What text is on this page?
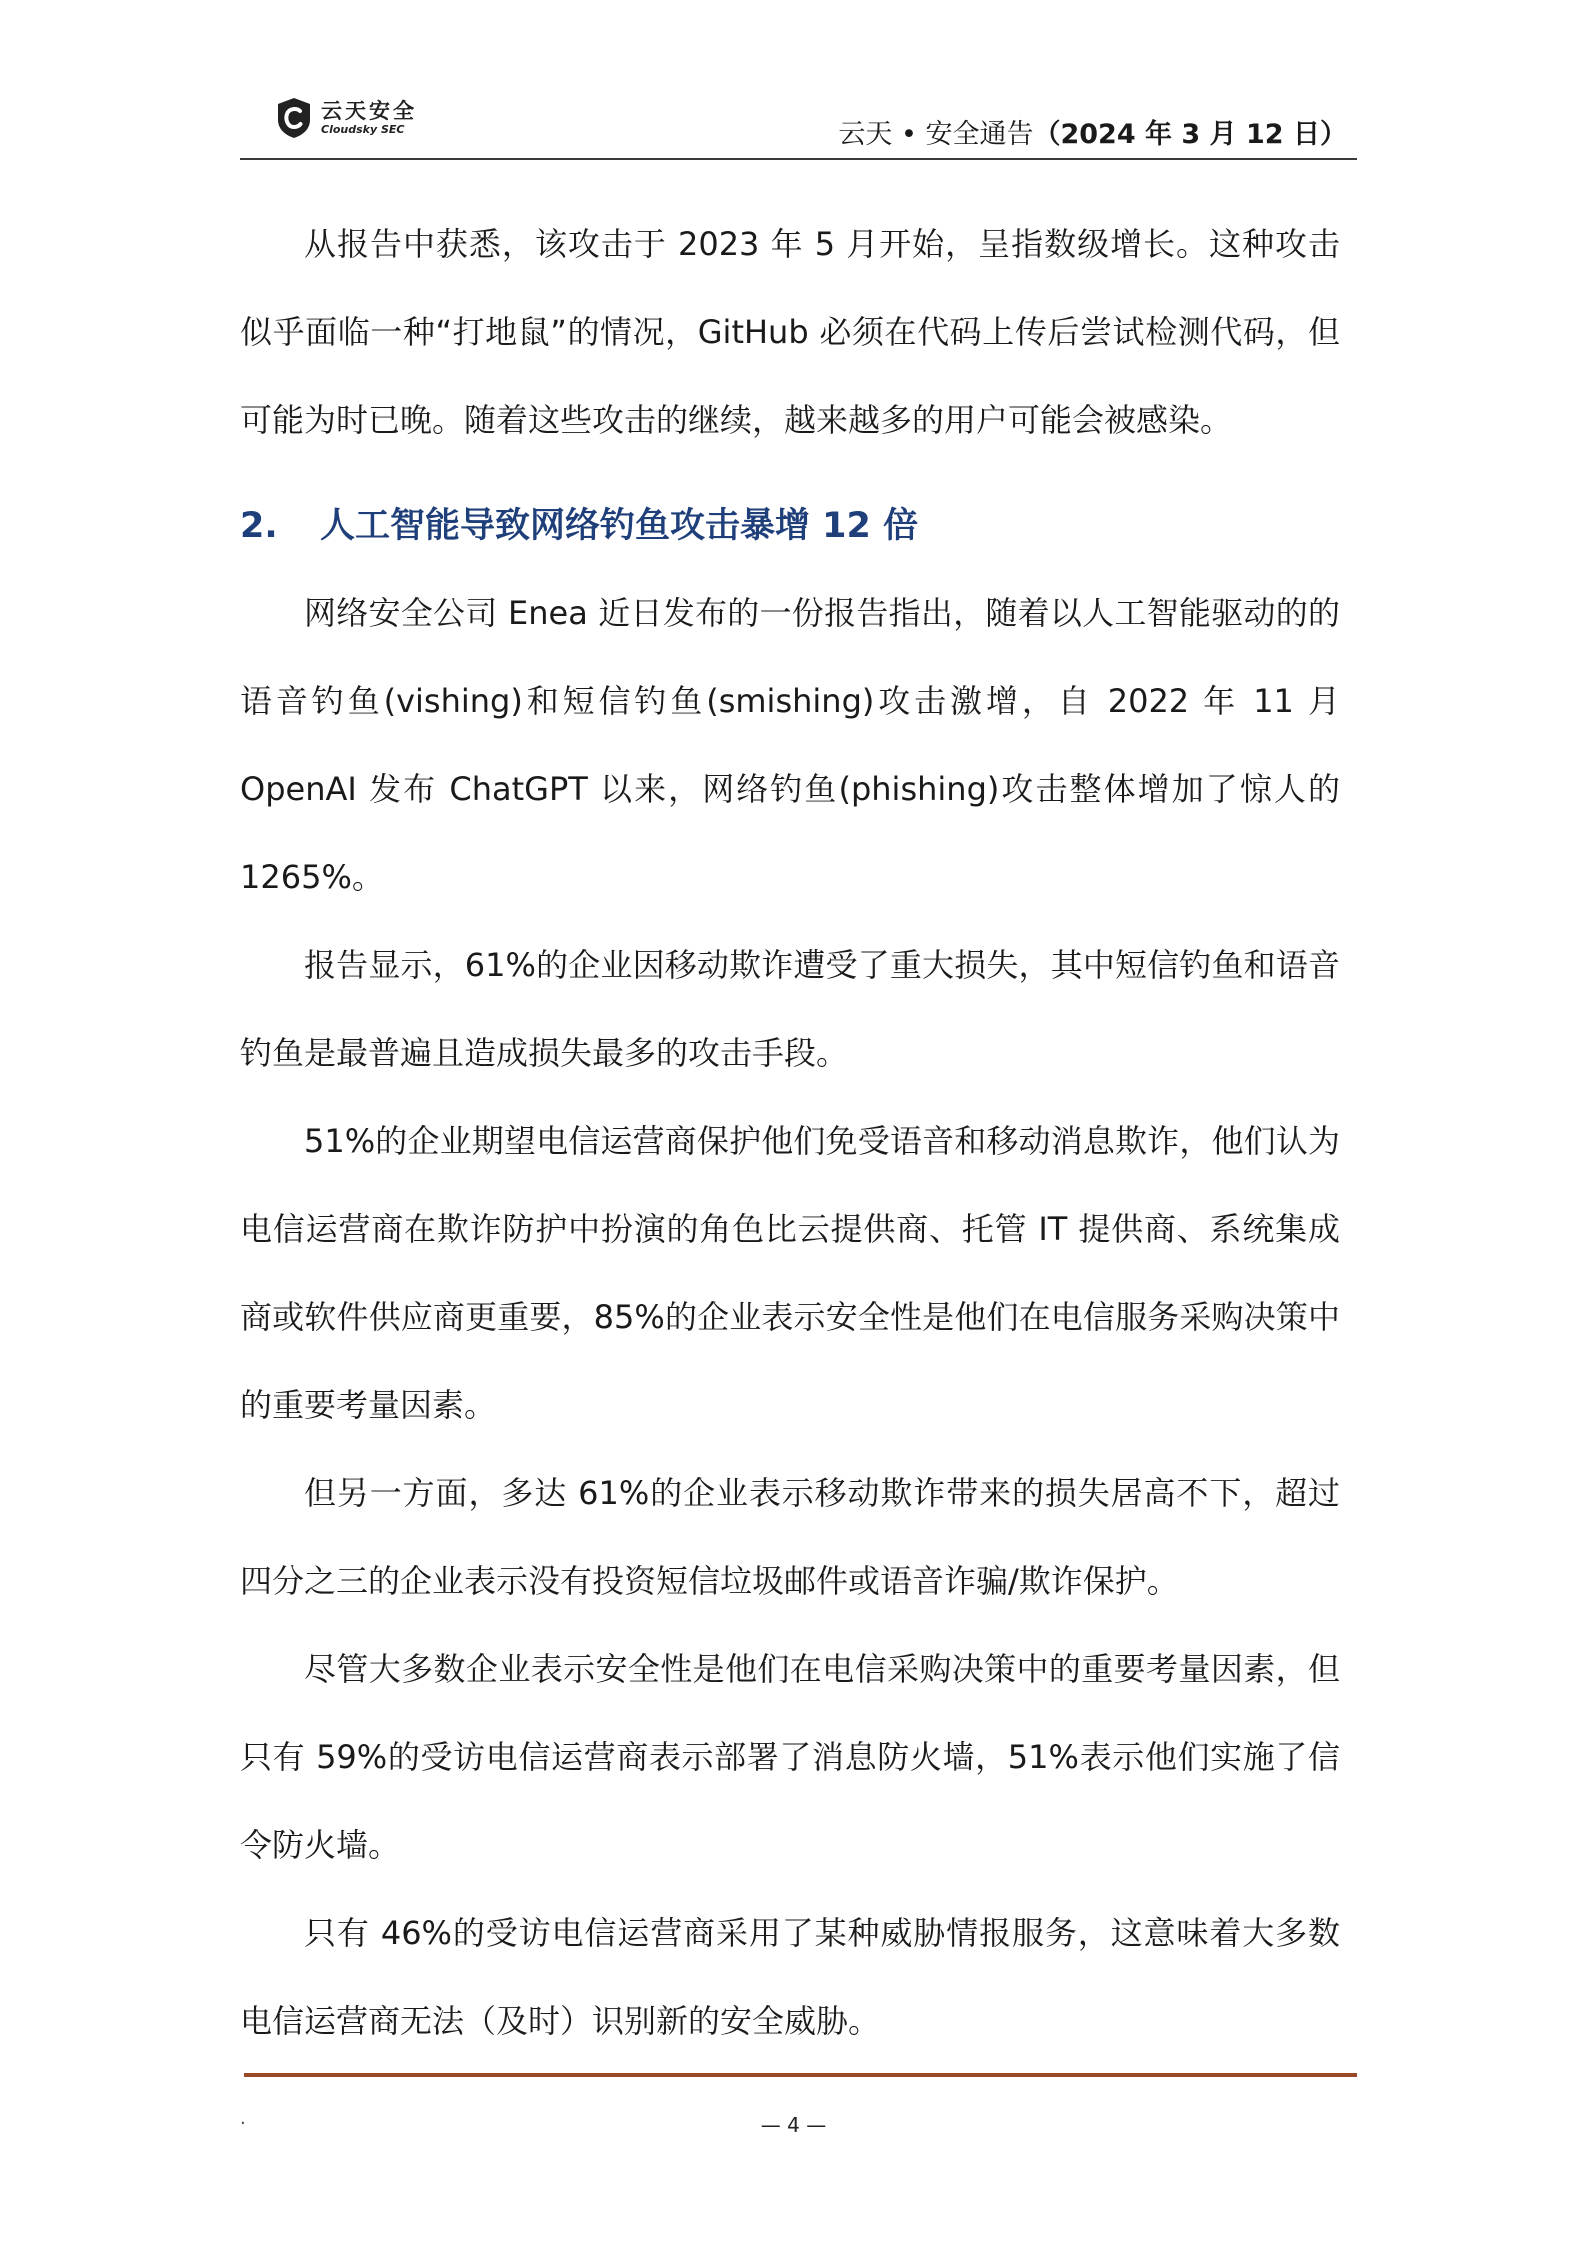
云天安全
Cloudsky SEC	云天 • 安全通告（2024 年 3 月 12 日）

从报告中获悉，该攻击于 2023 年 5 月开始，呈指数级增长。这种攻击似乎面临一种“打地鼠”的情况，GitHub 必须在代码上传后尝试检测代码，但可能为时已晚。随着这些攻击的继续，越来越多的用户可能会被感染。

2. 人工智能导致网络钓鱼攻击暴增 12 倍

网络安全公司 Enea 近日发布的一份报告指出，随着以人工智能驱动的的语音钓鱼(vishing)和短信钓鱼(smishing)攻击激增，自 2022 年 11 月 OpenAI 发布 ChatGPT 以来，网络钓鱼(phishing)攻击整体增加了惊人的 1265%。

报告显示，61%的企业因移动欺诈遭受了重大损失，其中短信钓鱼和语音钓鱼是最普遍且造成损失最多的攻击手段。

51%的企业期望电信运营商保护他们免受语音和移动消息欺诈，他们认为电信运营商在欺诈防护中扮演的角色比云提供商、托管 IT 提供商、系统集成商或软件供应商更重要，85%的企业表示安全性是他们在电信服务采购决策中的重要考量因素。

但另一方面，多达 61%的企业表示移动欺诈带来的损失居高不下，超过四分之三的企业表示没有投资短信垃圾邮件或语音诈骗/欺诈保护。

尽管大多数企业表示安全性是他们在电信采购决策中的重要考量因素，但只有 59%的受访电信运营商表示部署了消息防火墙，51%表示他们实施了信令防火墙。

只有 46%的受访电信运营商采用了某种威胁情报服务，这意味着大多数电信运营商无法（及时）识别新的安全威胁。

.	— 4 —
